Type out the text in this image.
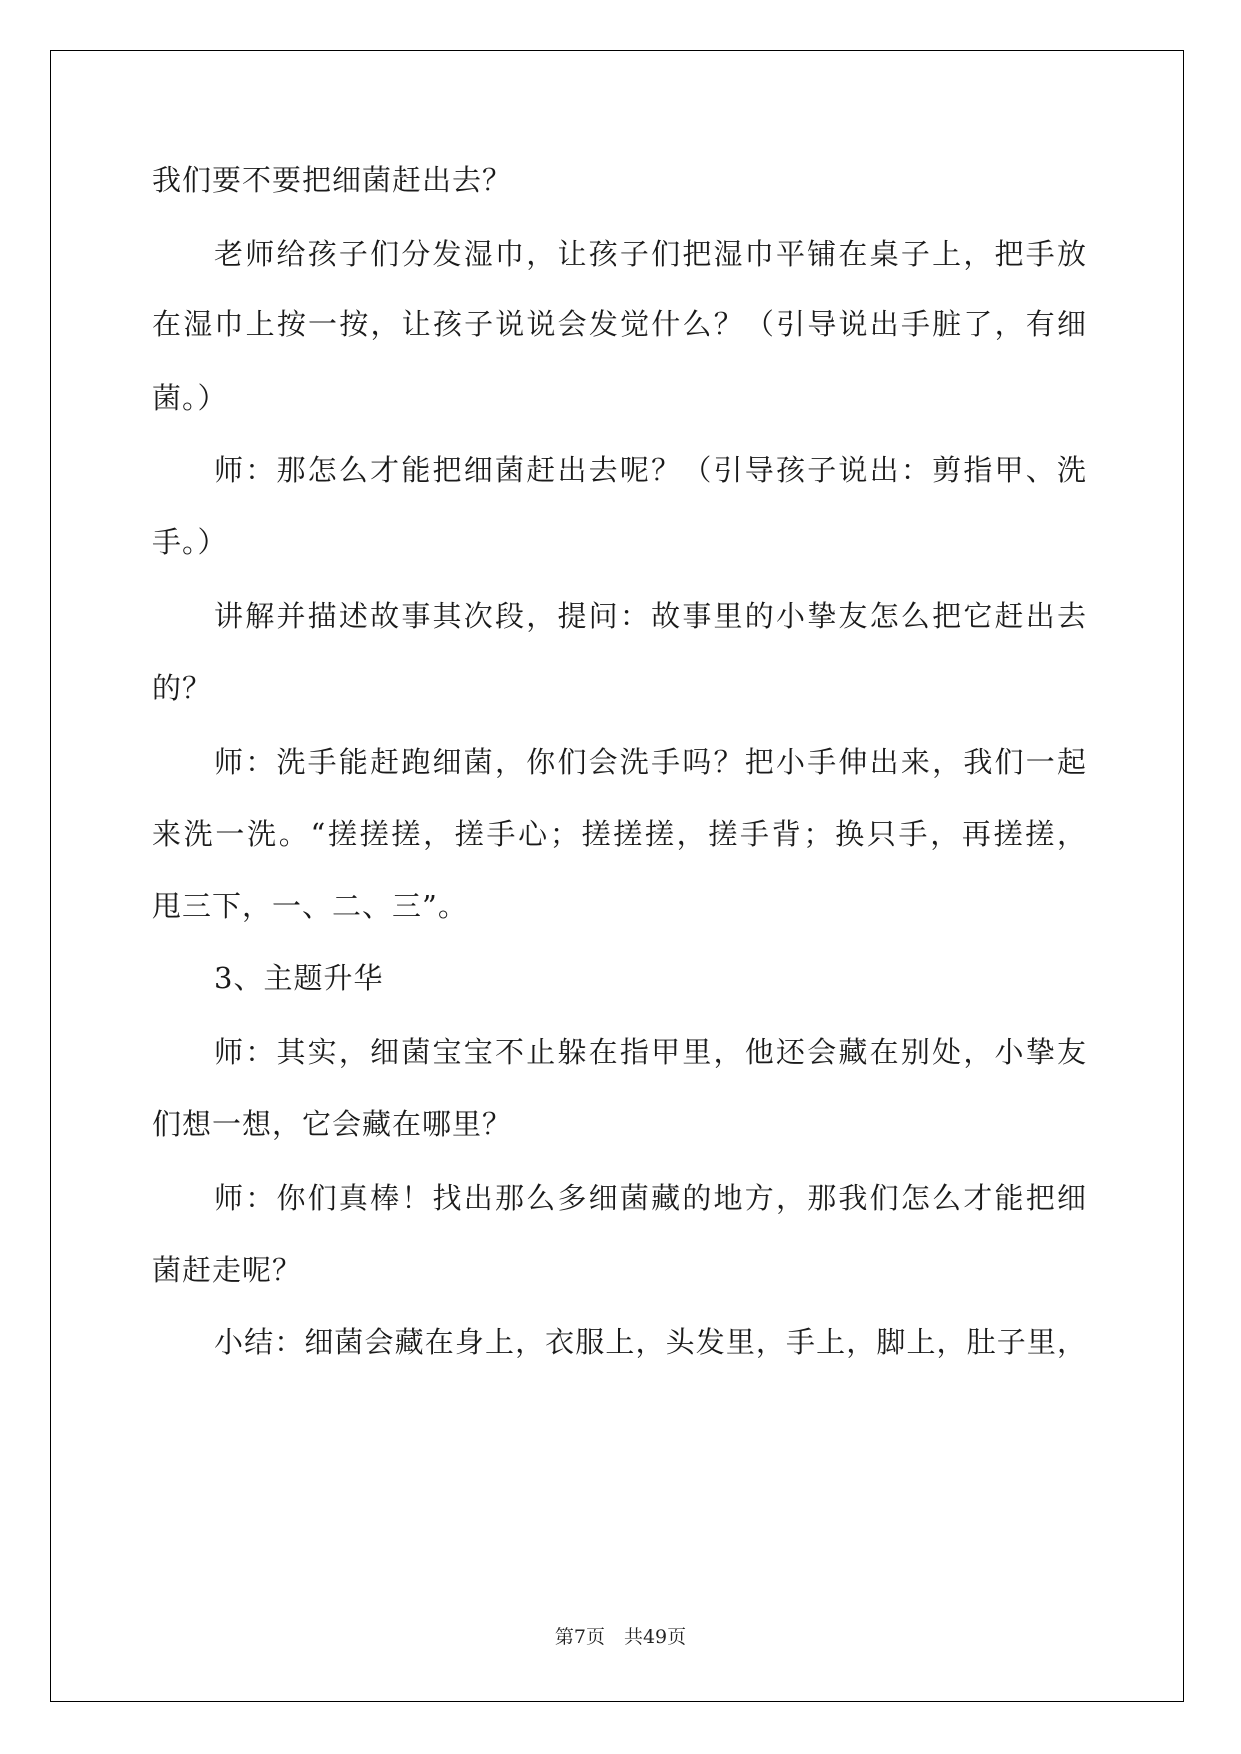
我们要不要把细菌赶出去？
老师给孩子们分发湿巾，让孩子们把湿巾平铺在桌子上，把手放
在湿巾上按一按，让孩子说说会发觉什么？（引导说出手脏了，有细
菌。）
师：那怎么才能把细菌赶出去呢？（引导孩子说出：剪指甲、洗
手。）
讲解并描述故事其次段，提问：故事里的小挚友怎么把它赶出去
的？
师：洗手能赶跑细菌，你们会洗手吗？把小手伸出来，我们一起
来洗一洗。“搓搓搓，搓手心；搓搓搓，搓手背；换只手，再搓搓，
甩三下，一、二、三”。
3、主题升华
师：其实，细菌宝宝不止躲在指甲里，他还会藏在别处，小挚友
们想一想，它会藏在哪里？
师：你们真棒！找出那么多细菌藏的地方，那我们怎么才能把细
菌赶走呢？
小结：细菌会藏在身上，衣服上，头发里，手上，脚上，肚子里，
第7页　共49页
